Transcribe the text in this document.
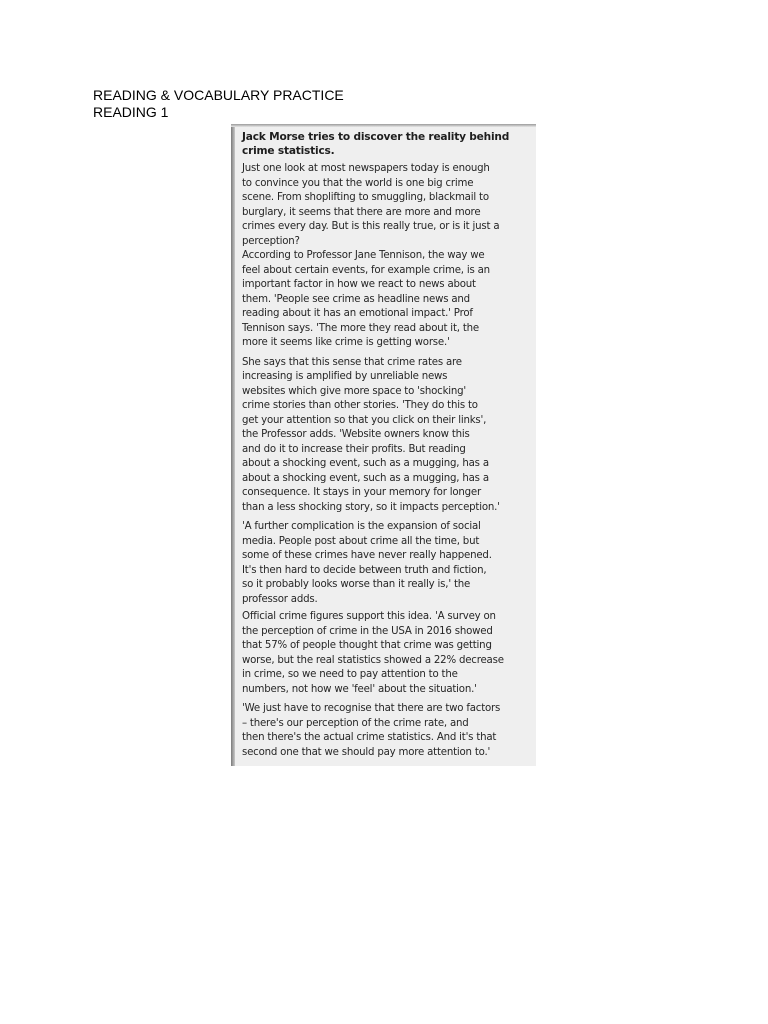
READING & VOCABULARY PRACTICE
READING 1
Jack Morse tries to discover the reality behind
crime statistics.
Just one look at most newspapers today is enough
to convince you that the world is one big crime
scene. From shoplifting to smuggling, blackmail to
burglary, it seems that there are more and more
crimes every day. But is this really true, or is it just a
perception?
According to Professor Jane Tennison, the way we
feel about certain events, for example crime, is an
important factor in how we react to news about
them. 'People see crime as headline news and
reading about it has an emotional impact.' Prof
Tennison says. 'The more they read about it, the
more it seems like crime is getting worse.'
She says that this sense that crime rates are
increasing is amplified by unreliable news
websites which give more space to 'shocking'
crime stories than other stories. 'They do this to
get your attention so that you click on their links',
the Professor adds. 'Website owners know this
and do it to increase their profits. But reading
about a shocking event, such as a mugging, has a
about a shocking event, such as a mugging, has a
consequence. It stays in your memory for longer
than a less shocking story, so it impacts perception.'
'A further complication is the expansion of social
media. People post about crime all the time, but
some of these crimes have never really happened.
It's then hard to decide between truth and fiction,
so it probably looks worse than it really is,' the
professor adds.
Official crime figures support this idea. 'A survey on
the perception of crime in the USA in 2016 showed
that 57% of people thought that crime was getting
worse, but the real statistics showed a 22% decrease
in crime, so we need to pay attention to the
numbers, not how we 'feel' about the situation.'
'We just have to recognise that there are two factors
– there's our perception of the crime rate, and
then there's the actual crime statistics. And it's that
second one that we should pay more attention to.'
